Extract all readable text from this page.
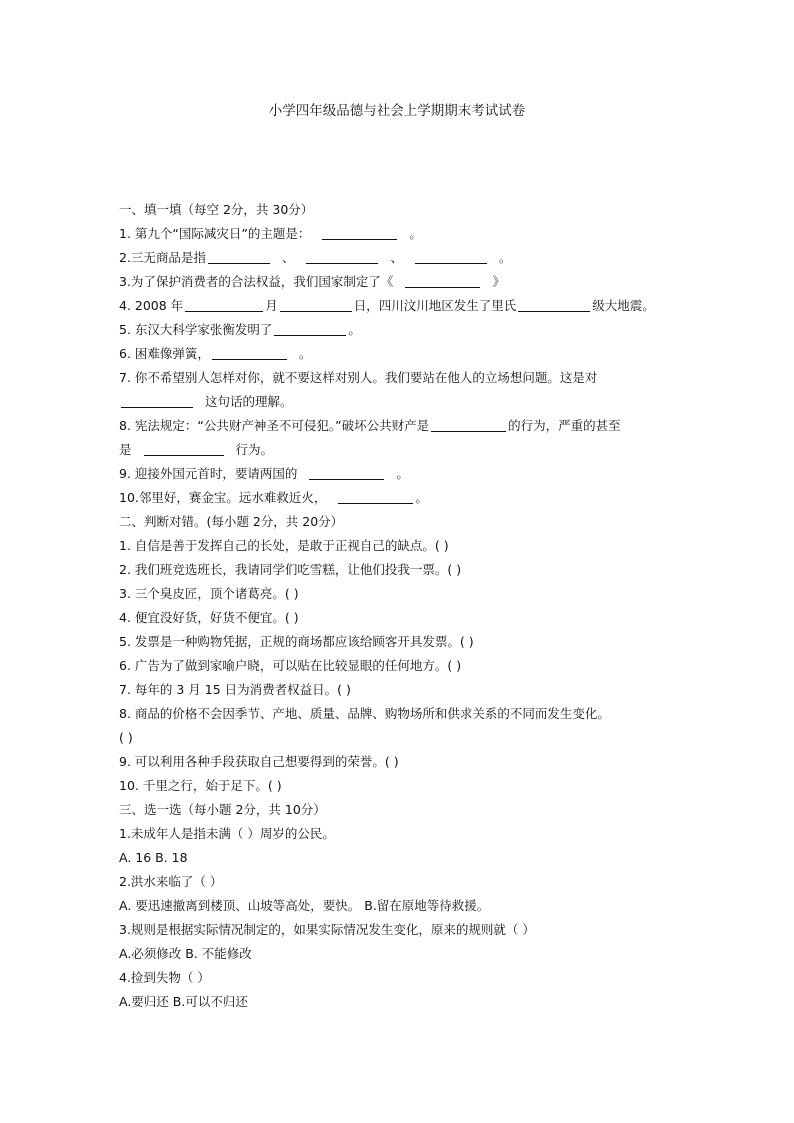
小学四年级品德与社会上学期期末考试试卷
一、填一填（每空 2分，共 30分）
1. 第九个“国际减灾日”的主题是：	。
2.三无商品是指	、	、	。
3.为了保护消费者的合法权益，我们国家制定了《	》
4. 2008 年	月	日，四川汶川地区发生了里氏	级大地震。
5. 东汉大科学家张衡发明了	。
6. 困难像弹簧，	。
7. 你不希望别人怎样对你，就不要这样对别人。我们要站在他人的立场想问题。这是对
这句话的理解。
8. 宪法规定：“公共财产神圣不可侵犯。”破坏公共财产是	的行为，严重的甚至
是	行为。
9. 迎接外国元首时，要请两国的	。
10.邻里好，赛金宝。远水难救近火，	。
二、判断对错。(每小题 2分，共 20分）
1. 自信是善于发挥自己的长处，是敢于正视自己的缺点。( )
2. 我们班竞选班长，我请同学们吃雪糕，让他们投我一票。( )
3. 三个臭皮匠，顶个诸葛亮。( )
4. 便宜没好货，好货不便宜。( )
5. 发票是一种购物凭据，正规的商场都应该给顾客开具发票。( )
6. 广告为了做到家喻户晓，可以贴在比较显眼的任何地方。( )
7. 每年的 3 月 15 日为消费者权益日。( )
8. 商品的价格不会因季节、产地、质量、品牌、购物场所和供求关系的不同而发生变化。
( )
9. 可以利用各种手段获取自己想要得到的荣誉。( )
10. 千里之行，始于足下。( )
三、选一选（每小题 2分，共 10分）
1.未成年人是指未满（ ）周岁的公民。
A. 16 B. 18
2.洪水来临了（ ）
A. 要迅速撤离到楼顶、山坡等高处，要快。 B.留在原地等待救援。
3.规则是根据实际情况制定的，如果实际情况发生变化，原来的规则就（ ）
A.必须修改 B. 不能修改
4.捡到失物（ ）
A.要归还 B.可以不归还
